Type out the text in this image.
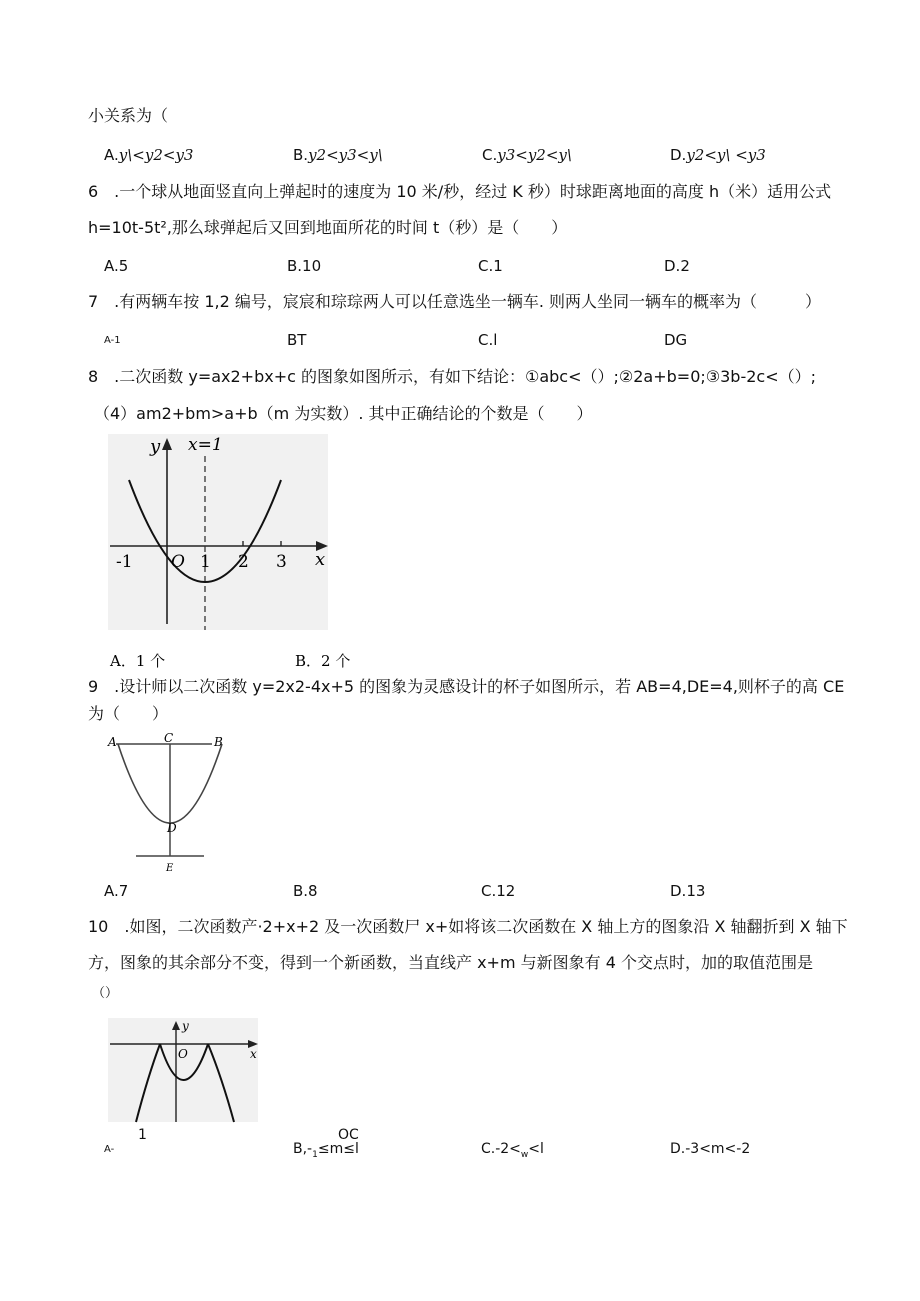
小关系为（
A.y\<y2<y3	B.y2<y3<y\	C.y3<y2<y\	D.y2<y\ <y3
6　.一个球从地面竖直向上弹起时的速度为 10 米/秒，经过 K 秒）时球距离地面的高度 h（米）适用公式
h=10t-5t²,那么球弹起后又回到地面所花的时间 t（秒）是（　　）
A.5	B.10	C.1	D.2
7　.有两辆车按 1,2 编号，宸宸和琮琮两人可以任意选坐一辆车. 则两人坐同一辆车的概率为（　　　）
A-1	BT	C.l	DG
8　.二次函数 y=ax2+bx+c 的图象如图所示，有如下结论：①abc<（）;②2a+b=0;③3b-2c<（）;
（4）am2+bm>a+b（m 为实数）. 其中正确结论的个数是（　　）
y x=1
x
O
-1	1 2 3
A．1 个	B．2 个
9　.设计师以二次函数 y=2x2-4x+5 的图象为灵感设计的杯子如图所示，若 AB=4,DE=4,则杯子的高 CE
为（　　）
A	C	B
D
E
A.7	B.8	C.12	D.13
10　.如图，二次函数产·2+x+2 及一次函数尸 x+如将该二次函数在 X 轴上方的图象沿 X 轴翻折到 X 轴下
方，图象的其余部分不变，得到一个新函数，当直线产 x+m 与新图象有 4 个交点时，加的取值范围是
（）
y
x
O
A-
1	OC
$B,-_1\le m\le l$	$C.-2<_w<l$	D.-3<m<-2
